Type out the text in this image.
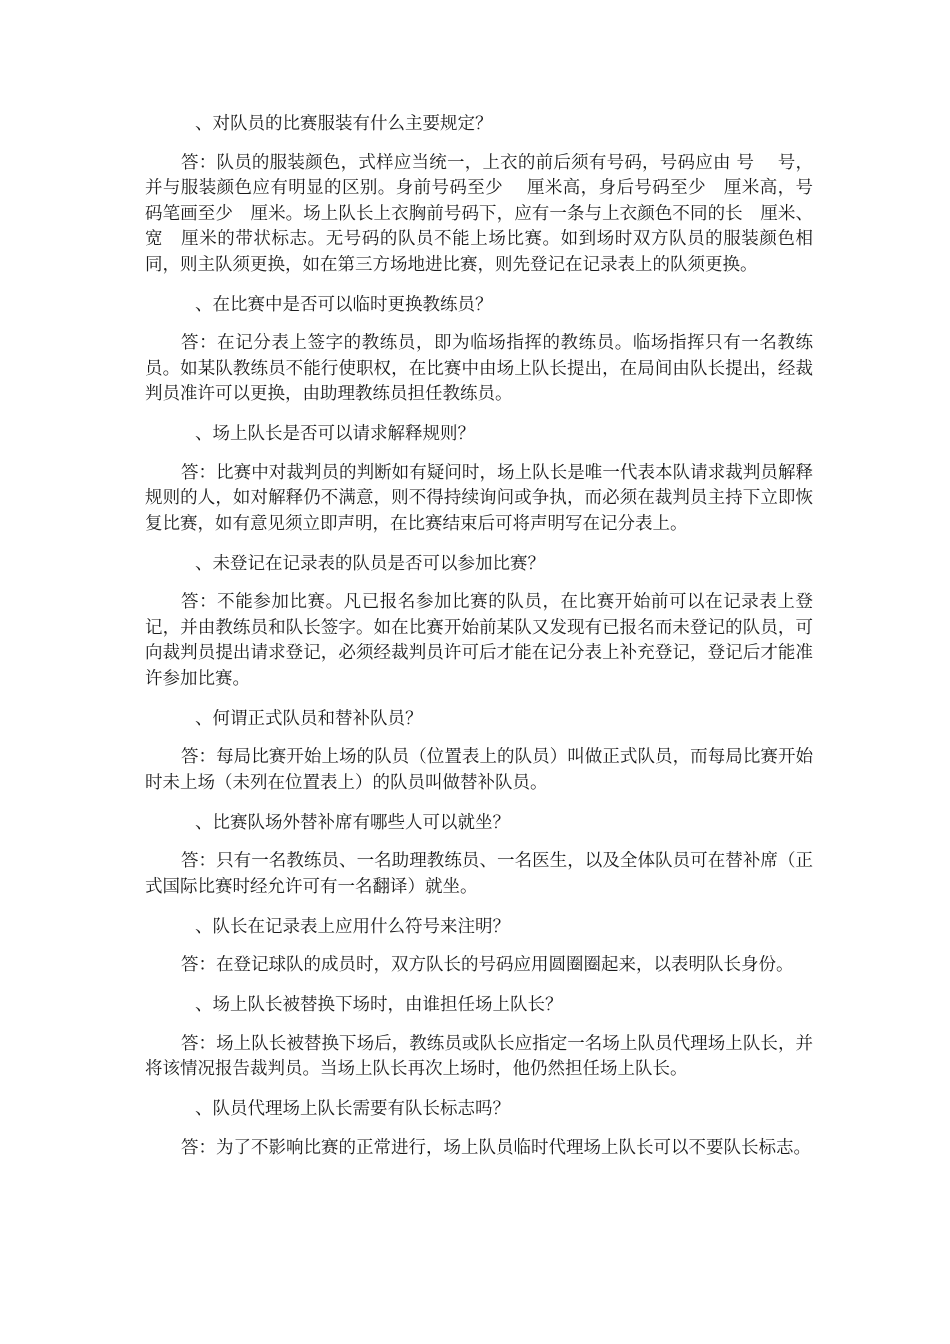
、对队员的比赛服装有什么主要规定？

答：队员的服装颜色，式样应当统一，上衣的前后须有号码，号码应由 号　 号，并与服装颜色应有明显的区别。身前号码至少　 厘米高，身后号码至少　厘米高，号码笔画至少　厘米。场上队长上衣胸前号码下，应有一条与上衣颜色不同的长　厘米、宽　厘米的带状标志。无号码的队员不能上场比赛。如到场时双方队员的服装颜色相同，则主队须更换，如在第三方场地进比赛，则先登记在记录表上的队须更换。

、在比赛中是否可以临时更换教练员？

答：在记分表上签字的教练员，即为临场指挥的教练员。临场指挥只有一名教练员。如某队教练员不能行使职权，在比赛中由场上队长提出，在局间由队长提出，经裁判员准许可以更换，由助理教练员担任教练员。

、场上队长是否可以请求解释规则？

答：比赛中对裁判员的判断如有疑问时，场上队长是唯一代表本队请求裁判员解释规则的人，如对解释仍不满意，则不得持续询问或争执，而必须在裁判员主持下立即恢复比赛，如有意见须立即声明，在比赛结束后可将声明写在记分表上。

、未登记在记录表的队员是否可以参加比赛？

答：不能参加比赛。凡已报名参加比赛的队员，在比赛开始前可以在记录表上登记，并由教练员和队长签字。如在比赛开始前某队又发现有已报名而未登记的队员，可向裁判员提出请求登记，必须经裁判员许可后才能在记分表上补充登记，登记后才能准许参加比赛。

、何谓正式队员和替补队员？

答：每局比赛开始上场的队员（位置表上的队员）叫做正式队员，而每局比赛开始时未上场（未列在位置表上）的队员叫做替补队员。

、比赛队场外替补席有哪些人可以就坐？

答：只有一名教练员、一名助理教练员、一名医生，以及全体队员可在替补席（正式国际比赛时经允许可有一名翻译）就坐。

、队长在记录表上应用什么符号来注明？

答：在登记球队的成员时，双方队长的号码应用圆圈圈起来，以表明队长身份。

、场上队长被替换下场时，由谁担任场上队长？

答：场上队长被替换下场后，教练员或队长应指定一名场上队员代理场上队长，并将该情况报告裁判员。当场上队长再次上场时，他仍然担任场上队长。

、队员代理场上队长需要有队长标志吗？

答：为了不影响比赛的正常进行，场上队员临时代理场上队长可以不要队长标志。
